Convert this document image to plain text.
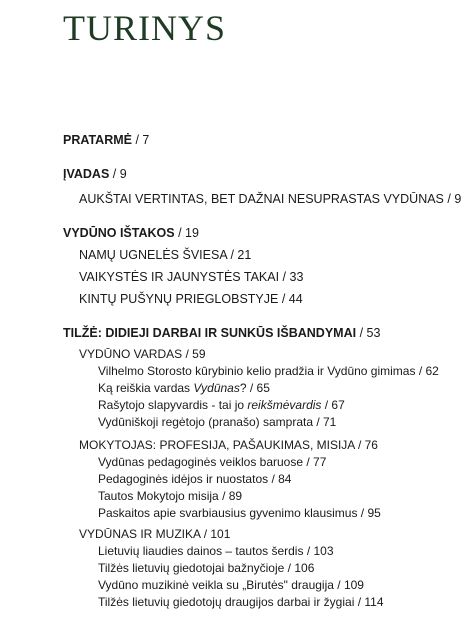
TURINYS
PRATARMĖ / 7
ĮVADAS / 9
AUKŠTAI VERTINTAS, BET DAŽNAI NESUPRASTAS VYDŪNAS / 9
VYDŪNO IŠTAKOS / 19
NAMŲ UGNELĖS ŠVIESA / 21
VAIKYSTĖS IR JAUNYSTĖS TAKAI / 33
KINTŲ PUŠYNŲ PRIEGLOBSTYJE / 44
TILŽĖ: DIDIEJI DARBAI IR SUNKŪS IŠBANDYMAI / 53
VYDŪNO VARDAS / 59
Vilhelmo Storosto kūrybinio kelio pradžia ir Vydūno gimimas / 62
Ką reiškia vardas Vydūnas? / 65
Rašytojo slapyvardis - tai jo reikšmėvardis / 67
Vydūniškoji regėtojo (pranašo) samprata / 71
MOKYTOJAS: PROFESIJA, PAŠAUKIMAS, MISIJA / 76
Vydūnas pedagoginės veiklos baruose / 77
Pedagoginės idėjos ir nuostatos / 84
Tautos Mokytojo misija / 89
Paskaitos apie svarbiausius gyvenimo klausimus / 95
VYDŪNAS IR MUZIKA / 101
Lietuvių liaudies dainos – tautos šerdis / 103
Tilžės lietuvių giedotojai bažnyčioje / 106
Vydūno muzikinė veikla su „Birutės" draugija / 109
Tilžės lietuvių giedotojų draugijos darbai ir žygiai / 114
